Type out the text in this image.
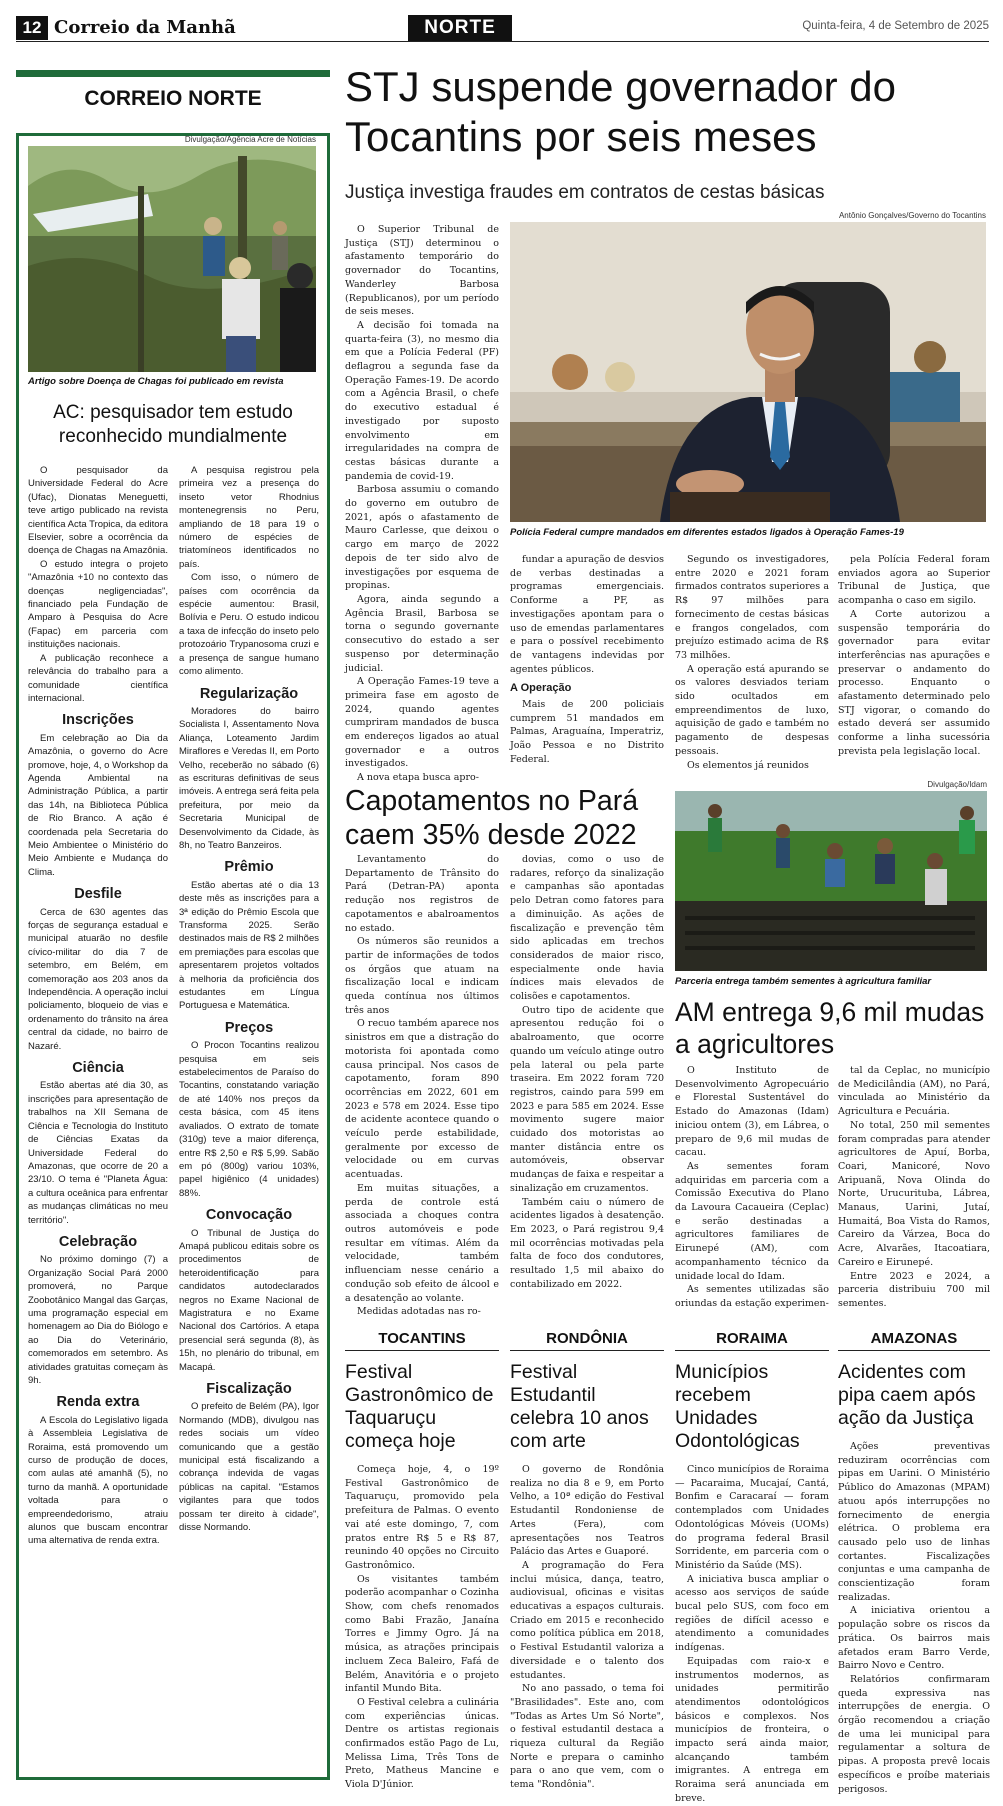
12 Correio da Manhã	NORTE	Quinta-feira, 4 de Setembro de 2025
CORREIO NORTE
Divulgação/Agência Acre de Notícias
Artigo sobre Doença de Chagas foi publicado em revista
AC: pesquisador tem estudo reconhecido mundialmente

O pesquisador da Universidade Federal do Acre (Ufac), Dionatas Meneguetti, teve artigo publicado na revista científica Acta Tropica, da editora Elsevier, sobre a ocorrência da doença de Chagas na Amazônia.

O estudo integra o projeto "Amazônia +10 no contexto das doenças negligenciadas", financiado pela Fundação de Amparo à Pesquisa do Acre (Fapac) em parceria com instituições nacionais.

A publicação reconhece a relevância do trabalho para a comunidade científica internacional.

Inscrições

Em celebração ao Dia da Amazônia, o governo do Acre promove, hoje, 4, o Workshop da Agenda Ambiental na Administração Pública, a partir das 14h, na Biblioteca Pública de Rio Branco. A ação é coordenada pela Secretaria do Meio Ambientee o Ministério do Meio Ambiente e Mudança do Clima.

Desfile

Cerca de 630 agentes das forças de segurança estadual e municipal atuarão no desfile cívico-militar do dia 7 de setembro, em Belém, em comemoração aos 203 anos da Independência. A operação inclui policiamento, bloqueio de vias e ordenamento do trânsito na área central da cidade, no bairro de Nazaré.

Ciência

Estão abertas até dia 30, as inscrições para apresentação de trabalhos na XII Semana de Ciência e Tecnologia do Instituto de Ciências Exatas da Universidade Federal do Amazonas, que ocorre de 20 a 23/10. O tema é "Planeta Água: a cultura oceânica para enfrentar as mudanças climáticas no meu território".

Celebração

No próximo domingo (7) a Organização Social Pará 2000 promoverá, no Parque Zoobotânico Mangal das Garças, uma programação especial em homenagem ao Dia do Biólogo e ao Dia do Veterinário, comemorados em setembro. As atividades gratuitas começam às 9h.

Renda extra

A Escola do Legislativo ligada à Assembleia Legislativa de Roraima, está promovendo um curso de produção de doces, com aulas até amanhã (5), no turno da manhã. A oportunidade voltada para o empreendedorismo, atraiu alunos que buscam encontrar uma alternativa de renda extra.

A pesquisa registrou pela primeira vez a presença do inseto vetor Rhodnius montenegrensis no Peru, ampliando de 18 para 19 o número de espécies de triatomíneos identificados no país.

Com isso, o número de países com ocorrência da espécie aumentou: Brasil, Bolívia e Peru. O estudo indicou a taxa de infecção do inseto pelo protozoário Trypanosoma cruzi e a presença de sangue humano como alimento.

Regularização

Moradores do bairro Socialista I, Assentamento Nova Aliança, Loteamento Jardim Miraflores e Veredas II, em Porto Velho, receberão no sábado (6) as escrituras definitivas de seus imóveis. A entrega será feita pela prefeitura, por meio da Secretaria Municipal de Desenvolvimento da Cidade, às 8h, no Teatro Banzeiros.

Prêmio

Estão abertas até o dia 13 deste mês as inscrições para a 3ª edição do Prêmio Escola que Transforma 2025. Serão destinados mais de R$ 2 milhões em premiações para escolas que apresentarem projetos voltados à melhoria da proficiência dos estudantes em Língua Portuguesa e Matemática.

Preços

O Procon Tocantins realizou pesquisa em seis estabelecimentos de Paraíso do Tocantins, constatando variação de até 140% nos preços da cesta básica, com 45 itens avaliados. O extrato de tomate (310g) teve a maior diferença, entre R$ 2,50 e R$ 5,99. Sabão em pó (800g) variou 103%, papel higiênico (4 unidades) 88%.

Convocação

O Tribunal de Justiça do Amapá publicou editais sobre os procedimentos de heteroidentificação para candidatos autodeclarados negros no Exame Nacional de Magistratura e no Exame Nacional dos Cartórios. A etapa presencial será segunda (8), às 15h, no plenário do tribunal, em Macapá.

Fiscalização

O prefeito de Belém (PA), Igor Normando (MDB), divulgou nas redes sociais um vídeo comunicando que a gestão municipal está fiscalizando a cobrança indevida de vagas públicas na capital. "Estamos vigilantes para que todos possam ter direito à cidade", disse Normando.

STJ suspende governador do Tocantins por seis meses
Justiça investiga fraudes em contratos de cestas básicas
Antônio Gonçalves/Governo do Tocantins
Polícia Federal cumpre mandados em diferentes estados ligados à Operação Fames-19

O Superior Tribunal de Justiça (STJ) determinou o afastamento temporário do governador do Tocantins, Wanderley Barbosa (Republicanos), por um período de seis meses.

A decisão foi tomada na quarta-feira (3), no mesmo dia em que a Polícia Federal (PF) deflagrou a segunda fase da Operação Fames-19. De acordo com a Agência Brasil, o chefe do executivo estadual é investigado por suposto envolvimento em irregularidades na compra de cestas básicas durante a pandemia de covid-19.

Barbosa assumiu o comando do governo em outubro de 2021, após o afastamento de Mauro Carlesse, que deixou o cargo em março de 2022 depois de ter sido alvo de investigações por esquema de propinas.

Agora, ainda segundo a Agência Brasil, Barbosa se torna o segundo governante consecutivo do estado a ser suspenso por determinação judicial.

A Operação Fames-19 teve a primeira fase em agosto de 2024, quando agentes cumpriram mandados de busca em endereços ligados ao atual governador e a outros investigados.

A nova etapa busca apro-

fundar a apuração de desvios de verbas destinadas a programas emergenciais. Conforme a PF, as investigações apontam para o uso de emendas parlamentares e para o possível recebimento de vantagens indevidas por agentes públicos.

A Operação

Mais de 200 policiais cumprem 51 mandados em Palmas, Araguaína, Imperatriz, João Pessoa e no Distrito Federal.

Segundo os investigadores, entre 2020 e 2021 foram firmados contratos superiores a R$ 97 milhões para fornecimento de cestas básicas e frangos congelados, com prejuízo estimado acima de R$ 73 milhões.

A operação está apurando se os valores desviados teriam sido ocultados em empreendimentos de luxo, aquisição de gado e também no pagamento de despesas pessoais.

Os elementos já reunidos

pela Polícia Federal foram enviados agora ao Superior Tribunal de Justiça, que acompanha o caso em sigilo.

A Corte autorizou a suspensão temporária do governador para evitar interferências nas apurações e preservar o andamento do processo. Enquanto o afastamento determinado pelo STJ vigorar, o comando do estado deverá ser assumido conforme a linha sucessória prevista pela legislação local.

Capotamentos no Pará caem 35% desde 2022

Levantamento do Departamento de Trânsito do Pará (Detran-PA) aponta redução nos registros de capotamentos e abalroamentos no estado.

Os números são reunidos a partir de informações de todos os órgãos que atuam na fiscalização local e indicam queda contínua nos últimos três anos

O recuo também aparece nos sinistros em que a distração do motorista foi apontada como causa principal. Nos casos de capotamento, foram 890 ocorrências em 2022, 601 em 2023 e 578 em 2024. Esse tipo de acidente acontece quando o veículo perde estabilidade, geralmente por excesso de velocidade ou em curvas acentuadas.

Em muitas situações, a perda de controle está associada a choques contra outros automóveis e pode resultar em vítimas. Além da velocidade, também influenciam nesse cenário a condução sob efeito de álcool e a desatenção ao volante.

Medidas adotadas nas ro-

dovias, como o uso de radares, reforço da sinalização e campanhas são apontadas pelo Detran como fatores para a diminuição. As ações de fiscalização e prevenção têm sido aplicadas em trechos considerados de maior risco, especialmente onde havia índices mais elevados de colisões e capotamentos.

Outro tipo de acidente que apresentou redução foi o abalroamento, que ocorre quando um veículo atinge outro pela lateral ou pela parte traseira. Em 2022 foram 720 registros, caindo para 599 em 2023 e para 585 em 2024. Esse movimento sugere maior cuidado dos motoristas ao manter distância entre os automóveis, observar mudanças de faixa e respeitar a sinalização em cruzamentos.

Também caiu o número de acidentes ligados à desatenção. Em 2023, o Pará registrou 9,4 mil ocorrências motivadas pela falta de foco dos condutores, resultado 1,5 mil abaixo do contabilizado em 2022.

Divulgação/Idam
Parceria entrega também sementes à agricultura familiar
AM entrega 9,6 mil mudas a agricultores

O Instituto de Desenvolvimento Agropecuário e Florestal Sustentável do Estado do Amazonas (Idam) iniciou ontem (3), em Lábrea, o preparo de 9,6 mil mudas de cacau.

As sementes foram adquiridas em parceria com a Comissão Executiva do Plano da Lavoura Cacaueira (Ceplac) e serão destinadas a agricultores familiares de Eirunepé (AM), com acompanhamento técnico da unidade local do Idam.

As sementes utilizadas são oriundas da estação experimen-

tal da Ceplac, no município de Medicilândia (AM), no Pará, vinculada ao Ministério da Agricultura e Pecuária.

No total, 250 mil sementes foram compradas para atender agricultores de Apuí, Borba, Coari, Manicoré, Novo Aripuanã, Nova Olinda do Norte, Urucurituba, Lábrea, Manaus, Uarini, Jutaí, Humaitá, Boa Vista do Ramos, Careiro da Várzea, Boca do Acre, Alvarães, Itacoatiara, Careiro e Eirunepé.

Entre 2023 e 2024, a parceria distribuiu 700 mil sementes.

TOCANTINS
Festival Gastronômico de Taquaruçu começa hoje

Começa hoje, 4, o 19º Festival Gastronômico de Taquaruçu, promovido pela prefeitura de Palmas. O evento vai até este domingo, 7, com pratos entre R$ 5 e R$ 87, reunindo 40 opções no Circuito Gastronômico.

Os visitantes também poderão acompanhar o Cozinha Show, com chefs renomados como Babi Frazão, Janaína Torres e Jimmy Ogro. Já na música, as atrações principais incluem Zeca Baleiro, Fafá de Belém, Anavitória e o projeto infantil Mundo Bita.

O Festival celebra a culinária com experiências únicas. Dentre os artistas regionais confirmados estão Pago de Lu, Melissa Lima, Três Tons de Preto, Matheus Mancine e Viola D'Júnior.

RONDÔNIA
Festival Estudantil celebra 10 anos com arte

O governo de Rondônia realiza no dia 8 e 9, em Porto Velho, a 10ª edição do Festival Estudantil Rondoniense de Artes (Fera), com apresentações nos Teatros Palácio das Artes e Guaporé.

A programação do Fera inclui música, dança, teatro, audiovisual, oficinas e visitas educativas a espaços culturais. Criado em 2015 e reconhecido como política pública em 2018, o Festival Estudantil valoriza a diversidade e o talento dos estudantes.

No ano passado, o tema foi "Brasilidades". Este ano, com "Todas as Artes Um Só Norte", o festival estudantil destaca a riqueza cultural da Região Norte e prepara o caminho para o ano que vem, com o tema "Rondônia".

RORAIMA
Municípios recebem Unidades Odontológicas

Cinco municípios de Roraima — Pacaraima, Mucajaí, Cantá, Bonfim e Caracaraí — foram contemplados com Unidades Odontológicas Móveis (UOMs) do programa federal Brasil Sorridente, em parceria com o Ministério da Saúde (MS).

A iniciativa busca ampliar o acesso aos serviços de saúde bucal pelo SUS, com foco em regiões de difícil acesso e atendimento a comunidades indígenas.

Equipadas com raio-x e instrumentos modernos, as unidades permitirão atendimentos odontológicos básicos e complexos. Nos municípios de fronteira, o impacto será ainda maior, alcançando também imigrantes. A entrega em Roraima será anunciada em breve.

AMAZONAS
Acidentes com pipa caem após ação da Justiça

Ações preventivas reduziram ocorrências com pipas em Uarini. O Ministério Público do Amazonas (MPAM) atuou após interrupções no fornecimento de energia elétrica. O problema era causado pelo uso de linhas cortantes. Fiscalizações conjuntas e uma campanha de conscientização foram realizadas.

A iniciativa orientou a população sobre os riscos da prática. Os bairros mais afetados eram Barro Verde, Bairro Novo e Centro.

Relatórios confirmaram queda expressiva nas interrupções de energia. O órgão recomendou a criação de uma lei municipal para regulamentar a soltura de pipas. A proposta prevê locais específicos e proíbe materiais perigosos.
